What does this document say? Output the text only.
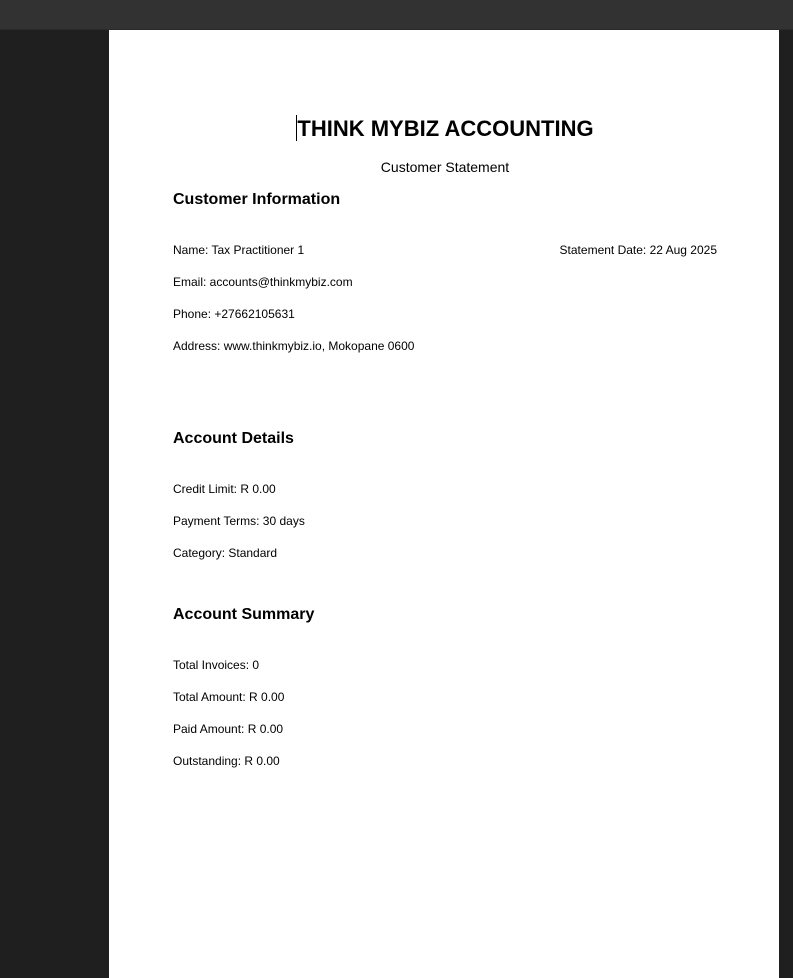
THINK MYBIZ ACCOUNTING
Customer Statement
Customer Information
Name: Tax Practitioner 1	Statement Date: 22 Aug 2025
Email: accounts@thinkmybiz.com
Phone: +27662105631
Address: www.thinkmybiz.io, Mokopane 0600
Account Details
Credit Limit: R 0.00
Payment Terms: 30 days
Category: Standard
Account Summary
Total Invoices: 0
Total Amount: R 0.00
Paid Amount: R 0.00
Outstanding: R 0.00
